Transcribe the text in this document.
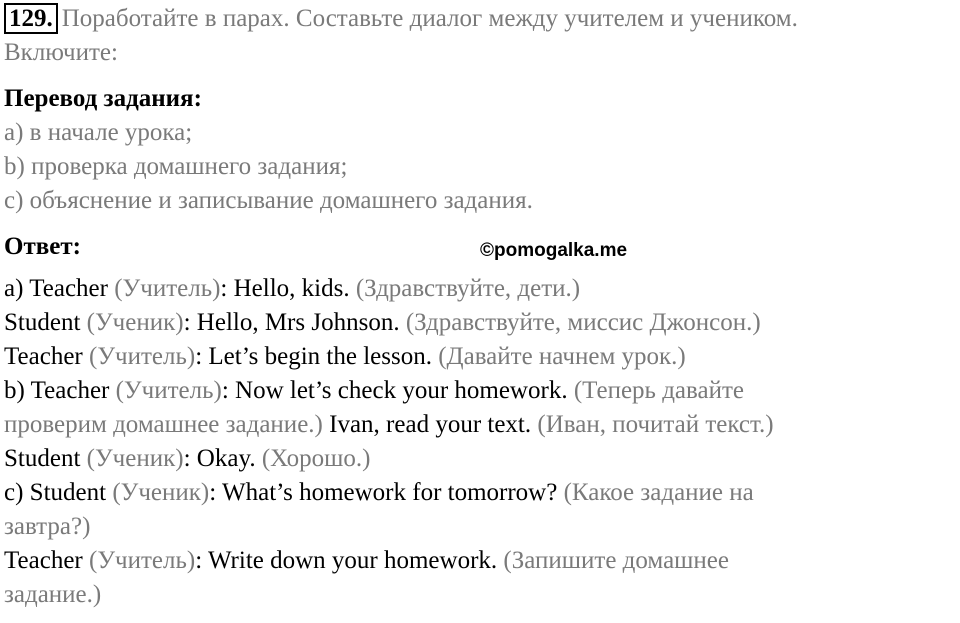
129. Поработайте в парах. Составьте диалог между учителем и учеником.
Включите:
Перевод задания:
a) в начале урока;
b) проверка домашнего задания;
c) объяснение и записывание домашнего задания.
Ответ:
a) Teacher (Учитель): Hello, kids. (Здравствуйте, дети.)
Student (Ученик): Hello, Mrs Johnson. (Здравствуйте, миссис Джонсон.)
Teacher (Учитель): Let’s begin the lesson. (Давайте начнем урок.)
b) Teacher (Учитель): Now let’s check your homework. (Теперь давайте
проверим домашнее задание.) Ivan, read your text. (Иван, почитай текст.)
Student (Ученик): Okay. (Хорошо.)
c) Student (Ученик): What’s homework for tomorrow? (Какое задание на
завтра?)
Teacher (Учитель): Write down your homework. (Запишите домашнее
задание.)
©pomogalka.me
